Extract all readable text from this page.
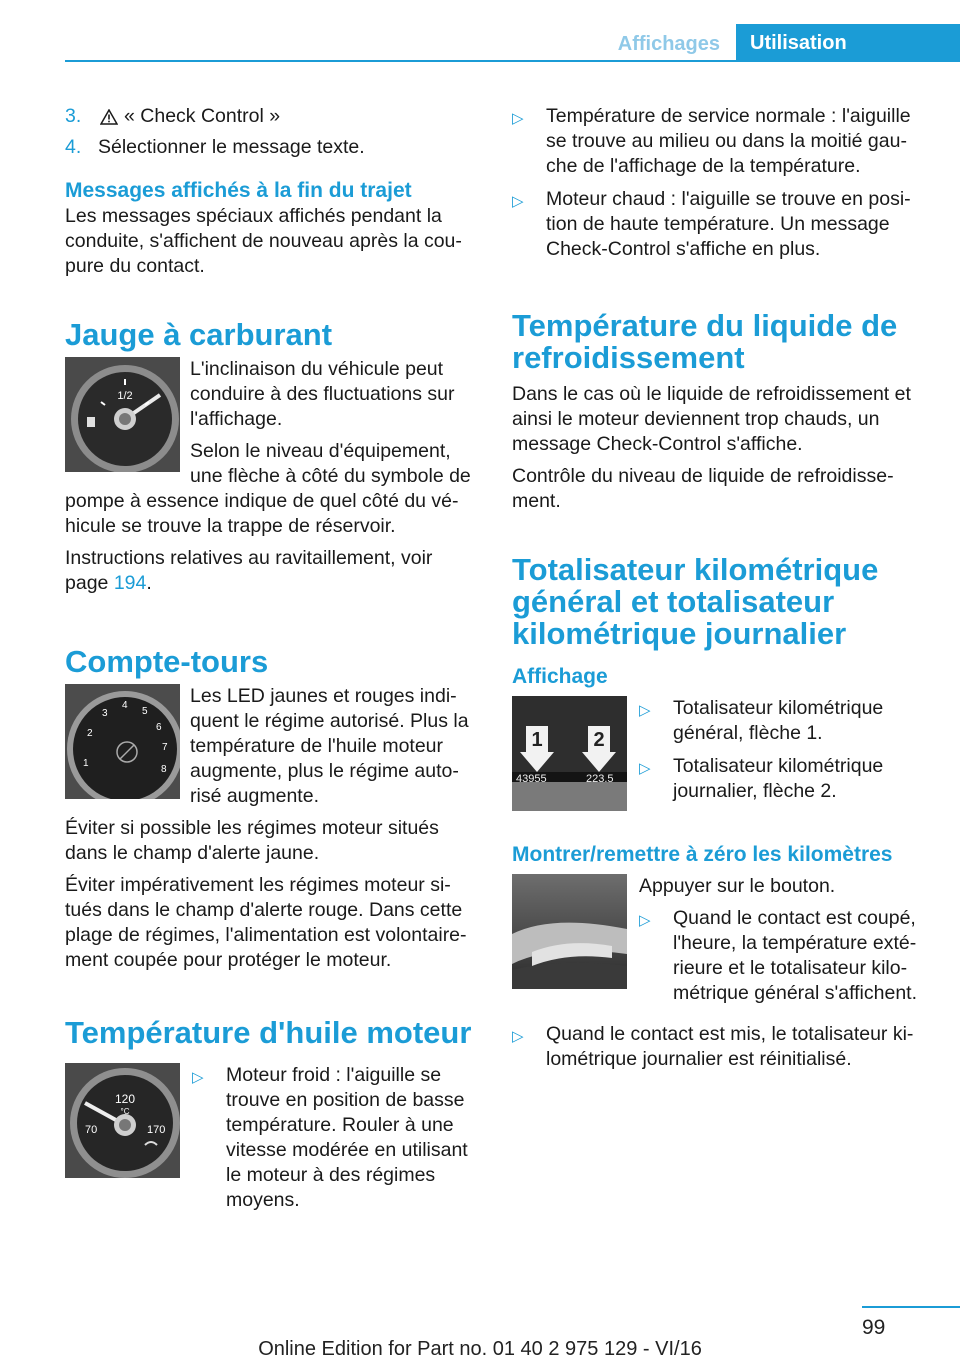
Affichages	Utilisation
3.	« Check Control »
4. Sélectionner le message texte.
Messages affichés à la fin du trajet

Les messages spéciaux affichés pendant la conduite, s'affichent de nouveau après la cou-pure du contact.

Jauge à carburant
1/2

L'inclinaison du véhicule peut conduire à des fluctuations sur l'affichage.

Selon le niveau d'équipement, une flèche à côté du symbole de pompe à essence indique de quel côté du vé-hicule se trouve la trappe de réservoir.

Instructions relatives au ravitaillement, voir page 194.

Compte-tours
1
2
3
4
5
6
7
8

Les LED jaunes et rouges indi-quent le régime autorisé. Plus la température de l'huile moteur augmente, plus le régime auto-risé augmente.

Éviter si possible les régimes moteur situés dans le champ d'alerte jaune.

Éviter impérativement les régimes moteur si-tués dans le champ d'alerte rouge. Dans cette plage de régimes, l'alimentation est volontaire-ment coupée pour protéger le moteur.

Température d'huile moteur
120
°C
70	170
▷	Moteur froid : l'aiguille se trouve en position de basse température. Rouler à une vitesse modérée en utilisant le moteur à des régimes moyens.
▷	Température de service normale : l'aiguille se trouve au milieu ou dans la moitié gau-che de l'affichage de la température.
▷	Moteur chaud : l'aiguille se trouve en posi-tion de haute température. Un message Check-Control s'affiche en plus.
Température du liquide de refroidissement

Dans le cas où le liquide de refroidissement et ainsi le moteur deviennent trop chauds, un message Check-Control s'affiche.

Contrôle du niveau de liquide de refroidisse-ment.

Totalisateur kilométrique général et totalisateur kilométrique journalier
Affichage
1	2
43955	223.5
▷	Totalisateur kilométrique général, flèche 1.
▷	Totalisateur kilométrique journalier, flèche 2.
Montrer/remettre à zéro les kilomètres

Appuyer sur le bouton.

▷	Quand le contact est coupé, l'heure, la température exté-rieure et le totalisateur kilo-métrique général s'affichent.
▷	Quand le contact est mis, le totalisateur ki-lométrique journalier est réinitialisé.
99
Online Edition for Part no. 01 40 2 975 129 - VI/16
